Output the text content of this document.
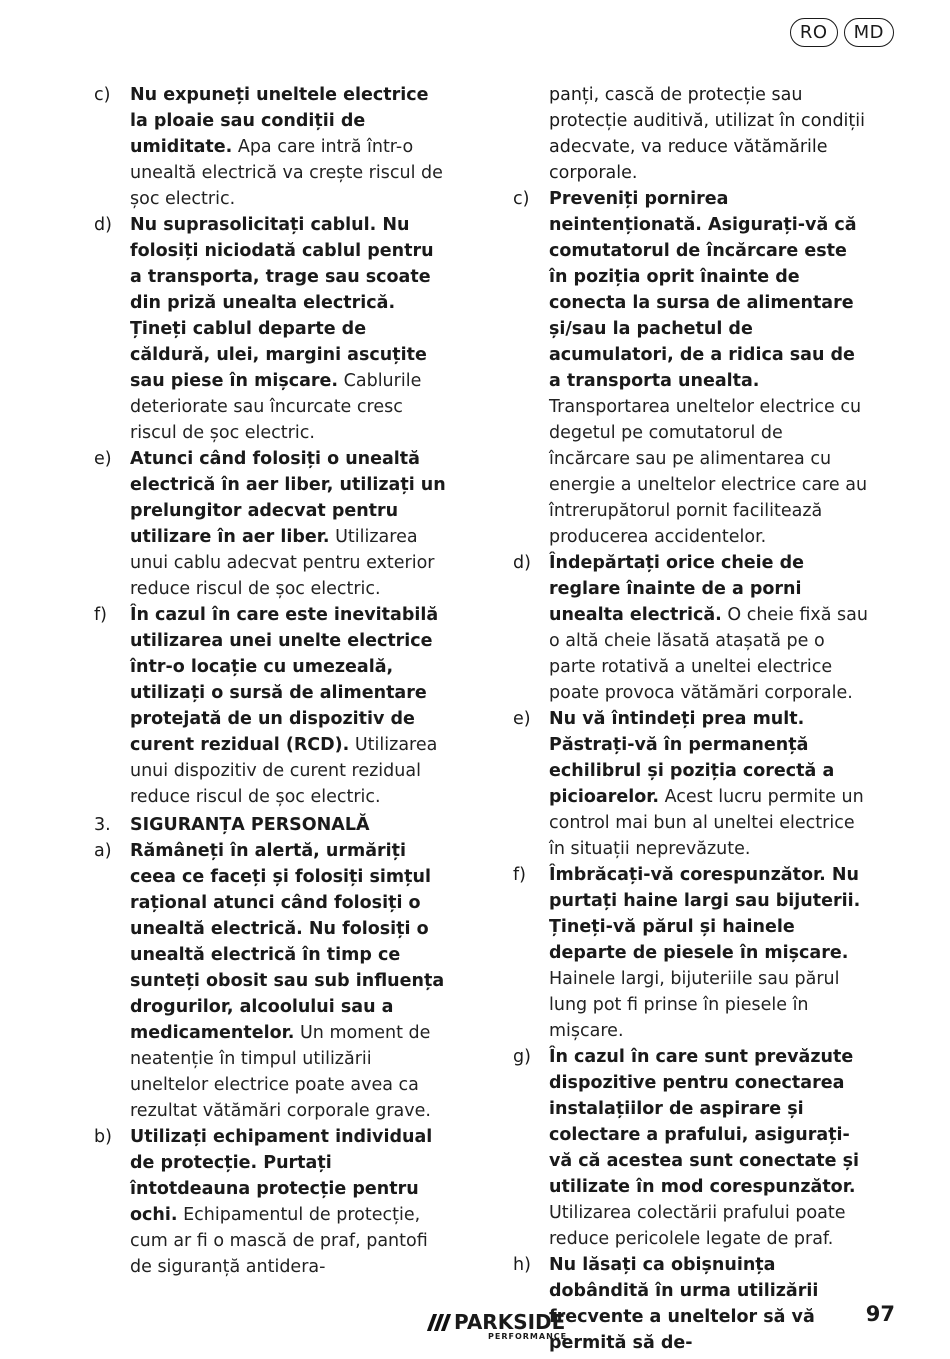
RO	MD

c)	Nu expuneți uneltele electrice la ploaie sau condiții de umiditate. Apa care intră într-o unealtă electrică va crește riscul de șoc electric.

d)	Nu suprasolicitați cablul. Nu folosiți niciodată cablul pentru a transporta, trage sau scoate din priză unealta electrică. Țineți cablul departe de căldură, ulei, margini ascuțite sau piese în mișcare. Cablurile deteriorate sau încurcate cresc riscul de șoc electric.

e)	Atunci când folosiți o unealtă electrică în aer liber, utilizați un prelungitor adecvat pentru utilizare în aer liber. Utilizarea unui cablu adecvat pentru exterior reduce riscul de șoc electric.

f)	În cazul în care este inevitabilă utilizarea unei unelte electrice într-o locație cu umezeală, utilizați o sursă de alimentare protejată de un dispozitiv de curent rezidual (RCD). Utilizarea unui dispozitiv de curent rezidual reduce riscul de șoc electric.

3. SIGURANȚA PERSONALĂ

a)	Rămâneți în alertă, urmăriți ceea ce faceți și folosiți simțul rațional atunci când folosiți o unealtă electrică. Nu folosiți o unealtă electrică în timp ce sunteți obosit sau sub influența drogurilor, alcoolului sau a medicamentelor. Un moment de neatenție în timpul utilizării uneltelor electrice poate avea ca rezultat vătămări corporale grave.

b)	Utilizați echipament individual de protecție. Purtați întotdeauna protecție pentru ochi. Echipamentul de protecție, cum ar fi o mască de praf, pantofi de siguranță antidera-

panți, cască de protecție sau protecție auditivă, utilizat în condiții adecvate, va reduce vătămările corporale.

c)	Preveniți pornirea neintenționată. Asigurați-vă că comutatorul de încărcare este în poziția oprit înainte de conecta la sursa de alimentare și/sau la pachetul de acumulatori, de a ridica sau de a transporta unealta. Transportarea uneltelor electrice cu degetul pe comutatorul de încărcare sau pe alimentarea cu energie a uneltelor electrice care au întrerupătorul pornit facilitează producerea accidentelor.

d)	Îndepărtați orice cheie de reglare înainte de a porni unealta electrică. O cheie fixă sau o altă cheie lăsată atașată pe o parte rotativă a uneltei electrice poate provoca vătămări corporale.

e)	Nu vă întindeți prea mult. Păstrați-vă în permanență echilibrul și poziția corectă a picioarelor. Acest lucru permite un control mai bun al uneltei electrice în situații neprevăzute.

f)	Îmbrăcați-vă corespunzător. Nu purtați haine largi sau bijuterii. Țineți-vă părul și hainele departe de piesele în mișcare. Hainele largi, bijuteriile sau părul lung pot fi prinse în piesele în mișcare.

g)	În cazul în care sunt prevăzute dispozitive pentru conectarea instalațiilor de aspirare și colectare a prafului, asigurați-vă că acestea sunt conectate și utilizate în mod corespunzător. Utilizarea colectării prafului poate reduce pericolele legate de praf.

h)	Nu lăsați ca obișnuința dobândită în urma utilizării frecvente a uneltelor să vă permită să de-

PARKSIDE
PERFORMANCE
97
